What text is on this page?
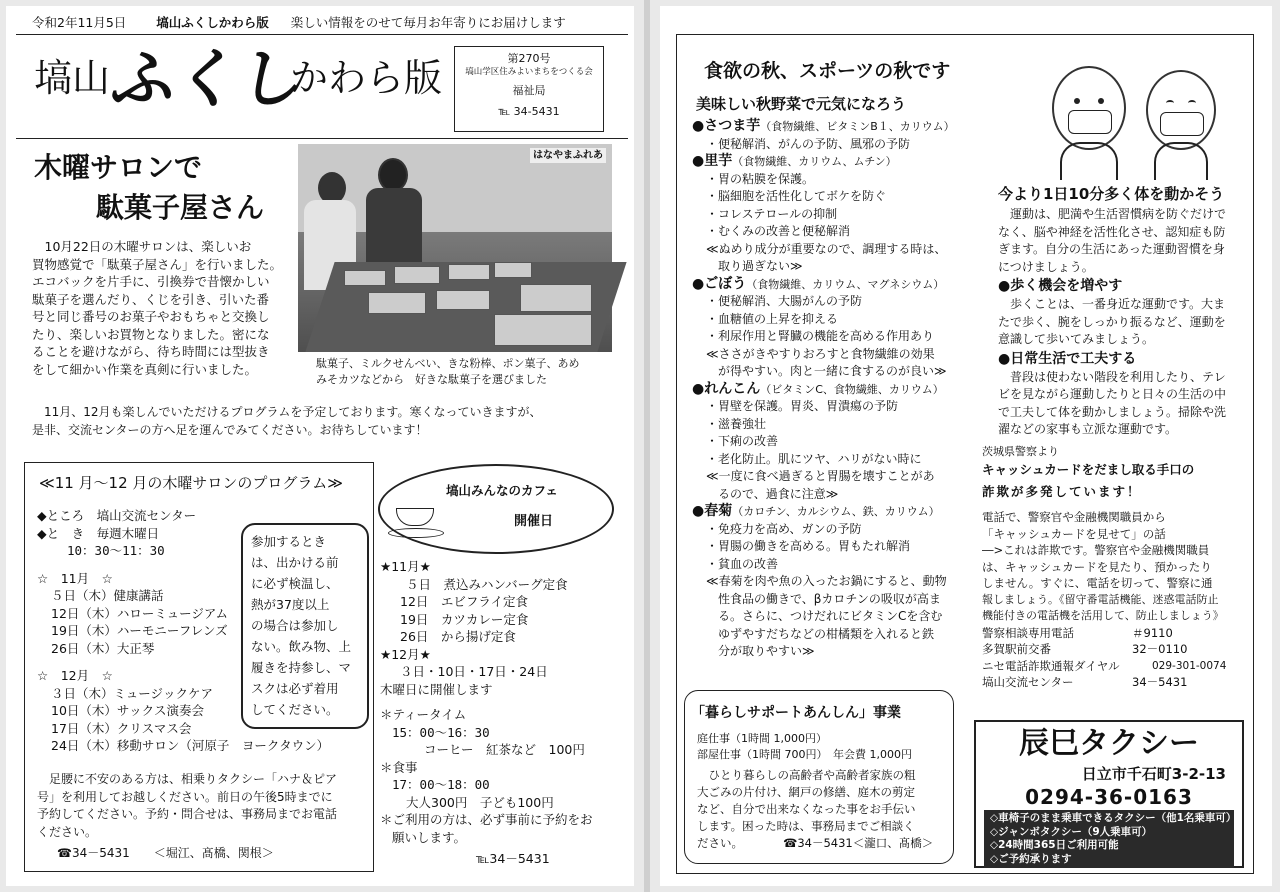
令和2年11月5日 塙山ふくしかわら版 楽しい情報をのせて毎月お年寄りにお届けします
塙山
ふくし
かわら版	第270号
塙山学区住みよいまちをつくる会
福祉局
℡ 34-5431
木曜サロンで
駄菓子屋さん
はなやまふれあ
駄菓子、ミルクせんべい、きな粉棒、ポン菓子、あめ
みそカツなどから　好きな駄菓子を選びました
　10月22日の木曜サロンは、楽しいお
買物感覚で「駄菓子屋さん」を行いました。
エコバックを片手に、引換券で昔懐かしい
駄菓子を選んだり、くじを引き、引いた番
号と同じ番号のお菓子やおもちゃと交換し
たり、楽しいお買物となりました。密にな
ることを避けながら、待ち時間には型抜き
をして細かい作業を真剣に行いました。
　11月、12月も楽しんでいただけるプログラムを予定しております。寒くなっていきますが、
是非、交流センターの方へ足を運んでみてください。お待ちしています！
≪11 月～12 月の木曜サロンのプログラム≫
◆ところ　塙山交流センター
◆と　き　毎週木曜日
10：30～11：30
☆　11月　☆
５日（木）健康講話
12日（木）ハローミュージアム
19日（木）ハーモニーフレンズ
26日（木）大正琴
☆　12月　☆
３日（木）ミュージックケア
10日（木）サックス演奏会
17日（木）クリスマス会
24日（木）移動サロン（河原子　ヨークタウン）
参加するとき
は、出かける前
に必ず検温し、
熱が37度以上
の場合は参加し
ない。飲み物、上
履きを持参し、マ
スクは必ず着用
してください。
　足腰に不安のある方は、相乗りタクシー「ハナ＆ピア
号」を利用してお越しください。前日の午後5時までに
予約してください。予約・問合せは、事務局までお電話
ください。
☎34－5431　　＜堀江、髙橋、関根＞
塙山みんなのカフェ
開催日
★11月★
５日　煮込みハンバーグ定食
12日　エビフライ定食
19日　カツカレー定食
26日　から揚げ定食
★12月★
３日・10日・17日・24日
木曜日に開催します
＊ティータイム
15：00～16：30
コーヒー　紅茶など　100円
＊食事
17：00～18：00
大人300円　子ども100円
＊ご利用の方は、必ず事前に予約をお
願いします。
℡34－5431
食欲の秋、スポーツの秋です
美味しい秋野菜で元気になろう
●さつま芋（食物繊維、ビタミンB１、カリウム）
・便秘解消、がんの予防、風邪の予防
●里芋（食物繊維、カリウム、ムチン）
・胃の粘膜を保護。
・脳細胞を活性化してボケを防ぐ
・コレステロールの抑制
・むくみの改善と便秘解消
≪ぬめり成分が重要なので、調理する時は、
　取り過ぎない≫
●ごぼう（食物繊維、カリウム、マグネシウム）
・便秘解消、大腸がんの予防
・血糖値の上昇を抑える
・利尿作用と腎臓の機能を高める作用あり
≪ささがきやすりおろすと食物繊維の効果
　が得やすい。肉と一緒に食するのが良い≫
●れんこん（ビタミンC、食物繊維、カリウム）
・胃壁を保護。胃炎、胃潰瘍の予防
・滋養強壮
・下痢の改善
・老化防止。肌にツヤ、ハリがない時に
≪一度に食べ過ぎると胃腸を壊すことがあ
　るので、過食に注意≫
●春菊（カロチン、カルシウム、鉄、カリウム）
・免疫力を高め、ガンの予防
・胃腸の働きを高める。胃もたれ解消
・貧血の改善
≪春菊を肉や魚の入ったお鍋にすると、動物
　性食品の働きで、βカロチンの吸収が高ま
　る。さらに、つけだれにビタミンCを含む
　ゆずやすだちなどの柑橘類を入れると鉄
　分が取りやすい≫
今より1日10分多く体を動かそう
　運動は、肥満や生活習慣病を防ぐだけで
なく、脳や神経を活性化させ、認知症も防
ぎます。自分の生活にあった運動習慣を身
につけましょう。
●歩く機会を増やす
　歩くことは、一番身近な運動です。大ま
たで歩く、腕をしっかり振るなど、運動を
意識して歩いてみましょう。
●日常生活で工夫する
　普段は使わない階段を利用したり、テレ
ビを見ながら運動したりと日々の生活の中
で工夫して体を動かしましょう。掃除や洗
濯などの家事も立派な運動です。
茨城県警察より
キャッシュカードをだまし取る手口の
詐欺が多発しています！
電話で、警察官や金融機関職員から
「キャッシュカードを見せて」の話
―>これは詐欺です。警察官や金融機関職員
は、キャッシュカードを見たり、預かったり
しません。すぐに、電話を切って、警察に通
報しましょう。《留守番電話機能、迷惑電話防止
機能付きの電話機を活用して、防止しましょう》
警察相談専用電話	＃9110
多賀駅前交番	32－0110
ニセ電話詐欺通報ダイヤル	029-301-0074
塙山交流センター	34－5431
「暮らしサポートあんしん」事業
庭仕事（1時間 1,000円）
部屋仕事（1時間 700円）　年会費 1,000円
　ひとり暮らしの高齢者や高齢者家族の粗
大ごみの片付け、網戸の修繕、庭木の剪定
など、自分で出来なくなった事をお手伝い
します。困った時は、事務局までご相談く
ださい。	☎34－5431＜瀧口、髙橋＞
辰巳タクシー
日立市千石町3-2-13
0294-36-0163
◇車椅子のまま乗車できるタクシー（他1名乗車可）
◇ジャンボタクシー（9人乗車可）
◇24時間365日ご利用可能
◇ご予約承ります
